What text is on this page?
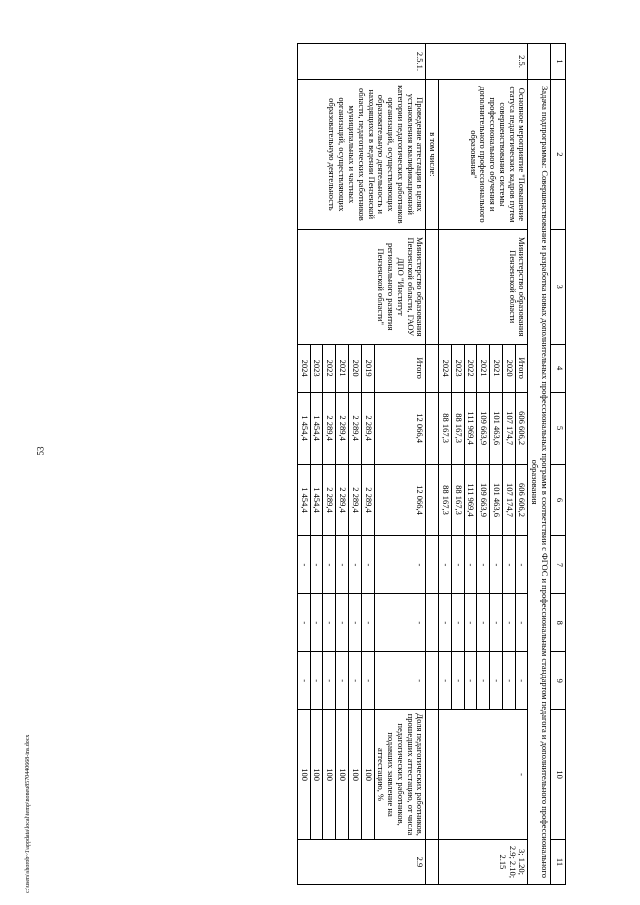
53
c:\users\shorob~1\appdata\local\temp\noneu8570440668-ins.docx
1	2	3	4	5	6	7	8	9	10	11
	Задача подпрограммы: Совершенствование и разработка новых дополнительных профессиональных программ в соответствии с ФГОС и профессиональным стандартом педагога и дополнительного профессионального образования									
2.5.	Основное мероприятие "Повышение статуса педагогических кадров путем совершенствования системы профессионального обучения и дополнительного профессионального образования"	Министерство образования Пензенской области	Итого	606 606,2	606 606,2	-	-	-	-	3; 1.20; 2.9; 2.10; 2.15
			2020	107 174,7	107 174,7	-	-	-		
			2021	101 463,6	101 463,6	-	-	-		
			2021	109 663,9	109 663,9	-	-	-		
			2022	111 969,4	111 969,4	-	-	-		
			2023	88 167,3	88 167,3	-	-	-		
			2024	88 167,3	88 167,3	-	-	-		
	в том числе:									
2.5.1.	Проведение аттестации в целях установления квалификационной категории педагогических работников организаций, осуществляющих образовательную деятельность и находящихся в ведении Пензенской области, педагогических работников муниципальных и частных организаций, осуществляющих образовательную деятельность	Министерство образования Пензенской области, ГАОУ ДПО "Институт регионального развития Пензенской области"	Итого	12 066,4	12 066,4	-	-	-	Доля педагогических работников, прошедших аттестацию, от числа педагогических работников, подавших заявление на аттестацию, %	2.9
			2019	2 289,4	2 289,4	-	-	-	100	
			2020	2 289,4	2 289,4	-	-	-	100	
			2021	2 289,4	2 289,4	-	-	-	100	
			2022	2 289,4	2 289,4	-	-	-	100	
			2023	1 454,4	1 454,4	-	-	-	100	
			2024	1 454,4	1 454,4	-	-	-	100	
